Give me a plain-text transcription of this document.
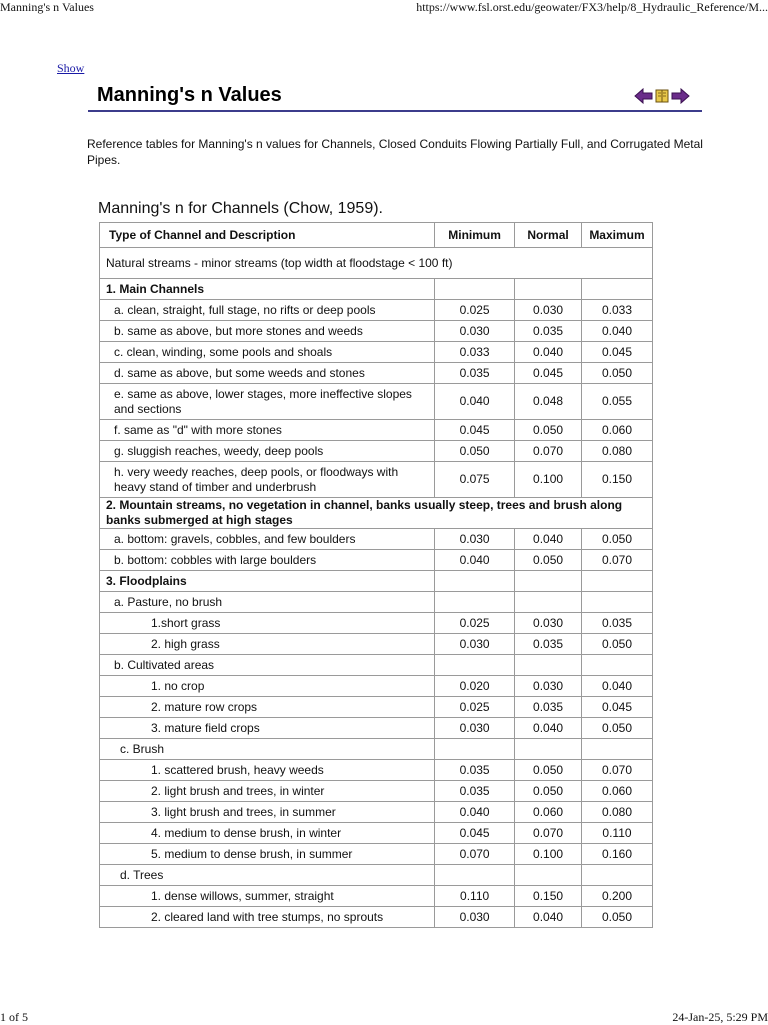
Manning's n Values	https://www.fsl.orst.edu/geowater/FX3/help/8_Hydraulic_Reference/M...
Show
Manning's n Values
Reference tables for Manning's n values for Channels, Closed Conduits Flowing Partially Full, and Corrugated Metal Pipes.
Manning's n for Channels (Chow, 1959).
Type of Channel and Description	Minimum	Normal	Maximum
Natural streams - minor streams (top width at floodstage < 100 ft)			
1. Main Channels			
a. clean, straight, full stage, no rifts or deep pools	0.025	0.030	0.033
b. same as above, but more stones and weeds	0.030	0.035	0.040
c. clean, winding, some pools and shoals	0.033	0.040	0.045
d. same as above, but some weeds and stones	0.035	0.045	0.050
e. same as above, lower stages, more ineffective slopes and sections	0.040	0.048	0.055
f. same as "d" with more stones	0.045	0.050	0.060
g. sluggish reaches, weedy, deep pools	0.050	0.070	0.080
h. very weedy reaches, deep pools, or floodways with heavy stand of timber and underbrush	0.075	0.100	0.150
2. Mountain streams, no vegetation in channel, banks usually steep, trees and brush along banks submerged at high stages			
a. bottom: gravels, cobbles, and few boulders	0.030	0.040	0.050
b. bottom: cobbles with large boulders	0.040	0.050	0.070
3. Floodplains			
a. Pasture, no brush			
1.short grass	0.025	0.030	0.035
2. high grass	0.030	0.035	0.050
b. Cultivated areas			
1. no crop	0.020	0.030	0.040
2. mature row crops	0.025	0.035	0.045
3. mature field crops	0.030	0.040	0.050
c. Brush			
1. scattered brush, heavy weeds	0.035	0.050	0.070
2. light brush and trees, in winter	0.035	0.050	0.060
3. light brush and trees, in summer	0.040	0.060	0.080
4. medium to dense brush, in winter	0.045	0.070	0.110
5. medium to dense brush, in summer	0.070	0.100	0.160
d. Trees			
1. dense willows, summer, straight	0.110	0.150	0.200
2. cleared land with tree stumps, no sprouts	0.030	0.040	0.050
1 of 5	24-Jan-25, 5:29 PM
